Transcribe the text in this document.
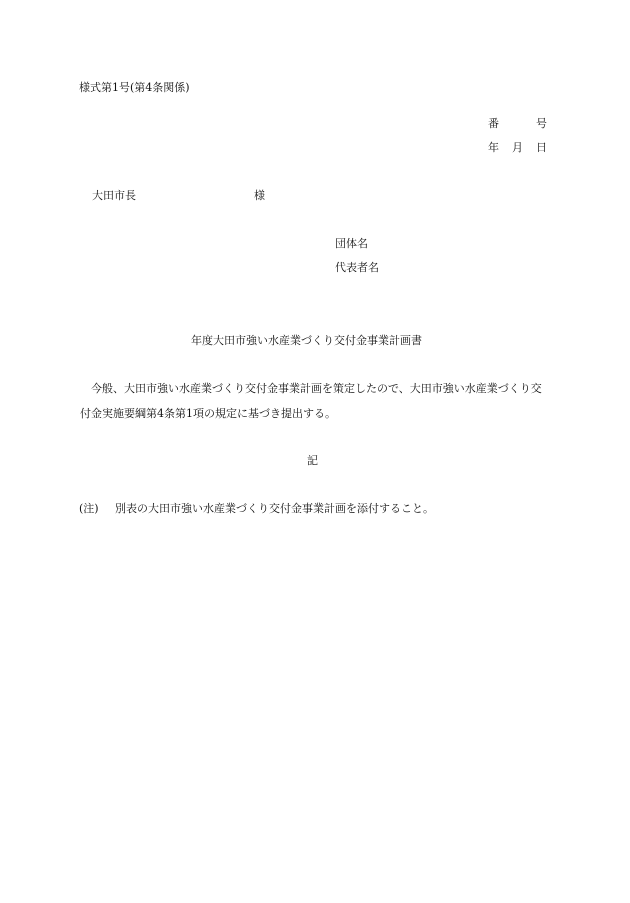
様式第1号(第4条関係)
番	号
年 月 日
大田市長	様
団体名
代表者名
年度大田市強い水産業づくり交付金事業計画書
今般、大田市強い水産業づくり交付金事業計画を策定したので、大田市強い水産業づくり交付金実施要綱第4条第1項の規定に基づき提出する。
記
(注) 別表の大田市強い水産業づくり交付金事業計画を添付すること。
